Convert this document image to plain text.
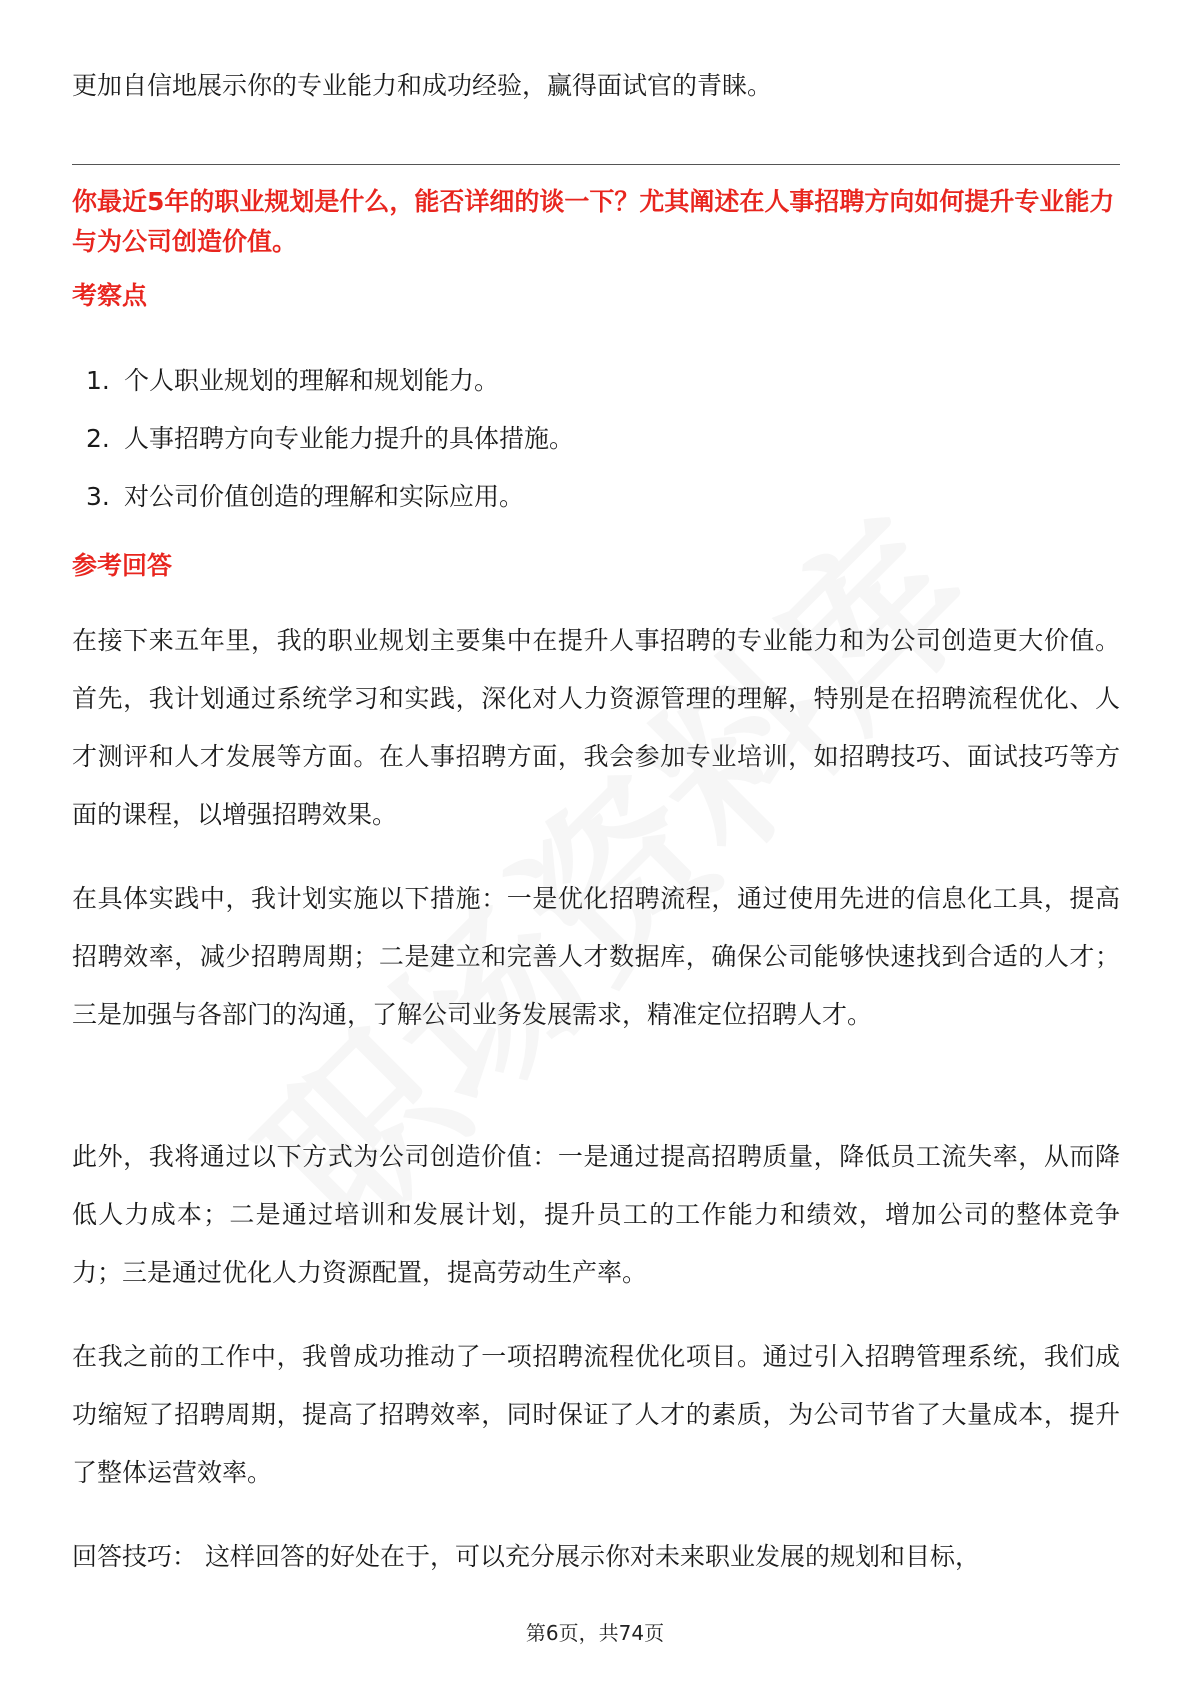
更加自信地展示你的专业能力和成功经验，赢得面试官的青睐。

你最近5年的职业规划是什么，能否详细的谈一下？尤其阐述在人事招聘方向如何提升专业能力与为公司创造价值。

考察点

1. 个人职业规划的理解和规划能力。
2. 人事招聘方向专业能力提升的具体措施。
3. 对公司价值创造的理解和实际应用。

参考回答

在接下来五年里，我的职业规划主要集中在提升人事招聘的专业能力和为公司创造更大价值。首先，我计划通过系统学习和实践，深化对人力资源管理的理解，特别是在招聘流程优化、人才测评和人才发展等方面。在人事招聘方面，我会参加专业培训，如招聘技巧、面试技巧等方面的课程，以增强招聘效果。

在具体实践中，我计划实施以下措施：一是优化招聘流程，通过使用先进的信息化工具，提高招聘效率，减少招聘周期；二是建立和完善人才数据库，确保公司能够快速找到合适的人才；三是加强与各部门的沟通，了解公司业务发展需求，精准定位招聘人才。

此外，我将通过以下方式为公司创造价值：一是通过提高招聘质量，降低员工流失率，从而降低人力成本；二是通过培训和发展计划，提升员工的工作能力和绩效，增加公司的整体竞争力；三是通过优化人力资源配置，提高劳动生产率。

在我之前的工作中，我曾成功推动了一项招聘流程优化项目。通过引入招聘管理系统，我们成功缩短了招聘周期，提高了招聘效率，同时保证了人才的素质，为公司节省了大量成本，提升了整体运营效率。

回答技巧： 这样回答的好处在于，可以充分展示你对未来职业发展的规划和目标，

第6页，共74页
